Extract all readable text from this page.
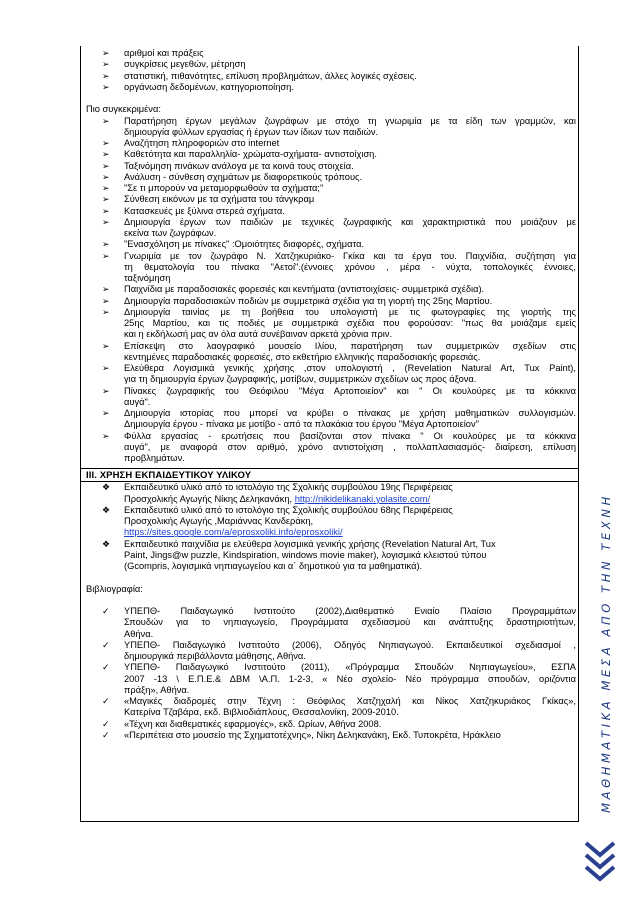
➢ αριθμοί και πράξεις
➢ συγκρίσεις μεγεθών, μέτρηση
➢ στατιστική, πιθανότητες, επίλυση προβλημάτων, άλλες λογικές σχέσεις.
➢ οργάνωση δεδομένων, κατηγοριοποίηση.
Πιο συγκεκριμένα:
➢ Παρατήρηση έργων μεγάλων ζωγράφων με στόχο τη γνωριμία με τα είδη των γραμμών, και
δημιουργία φύλλων εργασίας ή έργων των ίδιων των παιδιών.
➢ Αναζήτηση πληροφοριών στο internet
➢ Καθετότητα και παραλληλία- χρώματα-σχήματα- αντιστοίχιση.
➢ Ταξινόμηση πινάκων ανάλογα με τα κοινά τους στοιχεία.
➢ Ανάλυση - σύνθεση σχημάτων με διαφορετικούς τρόπους.
➢ "Σε τι μπορούν να μεταμορφωθούν τα σχήματα;"
➢ Σύνθεση εικόνων με τα σχήματα του τάνγκραμ
➢ Κατασκευές με ξύλινα στερεά σχήματα.
➢ Δημιουργία έργων των παιδιών με τεχνικές ζωγραφικής και χαρακτηριστικά που μοιάζουν με
εκείνα των ζωγράφων.
➢ "Ενασχόληση με πίνακες" :Ομοιότητες διαφορές, σχήματα.
➢ Γνωριμία με τον ζωγράφο Ν. Χατζηκυριάκο- Γκίκα και τα έργα του. Παιχνίδια, συζήτηση για
τη θεματολογία του πίνακα "Αετοί".(έννοιες χρόνου , μέρα - νύχτα, τοπολογικές έννοιες,
ταξινόμηση
➢ Παιχνίδια με παραδοσιακές φορεσιές και κεντήματα (αντιστοιχίσεις- συμμετρικά σχέδια).
➢ Δημιουργία παραδοσιακών ποδιών με συμμετρικά σχέδια για τη γιορτή της 25ης Μαρτίου.
➢ Δημιουργία ταινίας με τη βοήθεια του υπολογιστή με τις φωτογραφίες της γιορτής της
25ης Μαρτίου, και τις ποδιές με συμμετρικά σχέδια που φορούσαν: "πως θα μοιάζαμε εμείς
και η εκδήλωσή μας αν όλα αυτά συνέβαιναν αρκετά χρόνια πριν.
➢ Επίσκεψη στο λαογραφικό μουσείο Ιλίου, παρατήρηση των συμμετρικών σχεδίων στις
κεντημένες παραδοσιακές φορεσιές, στο εκθετήριο ελληνικής παραδοσιακής φορεσιάς.
➢ Ελεύθερα Λογισμικά γενικής χρήσης ,στον υπολογιστή , (Revelation Natural Art, Tux Paint),
για τη δημιουργία έργων ζωγραφικής, μοτίβων, συμμετρικών σχεδίων ως προς άξονα.
➢ Πίνακες ζωγραφικής του Θεόφιλου "Μέγα Αρτοποιείον" και " Οι κουλούρες με τα κόκκινα
αυγά".
➢ Δημιουργία ιστορίας που μπορεί να κρύβει ο πίνακας με χρήση μαθηματικών συλλογισμών.
Δημιουργία έργου - πίνακα με μοτίβο - από τα πλακάκια του έργου "Μέγα Αρτοποιείον"
➢ Φύλλα εργασίας - ερωτήσεις που βασίζονται στον πίνακα " Οι κουλούρες με τα κόκκινα
αυγά", με αναφορά στον αριθμό, χρόνο αντιστοίχιση , πολλαπλασιασμός- διαίρεση, επίλυση
προβλημάτων.
ΙΙΙ. ΧΡΗΣΗ ΕΚΠΑΙΔΕΥΤΙΚΟΥ ΥΛΙΚΟΥ
❖ Εκπαιδευτικό υλικό από το ιστολόγιο της Σχολικής συμβούλου 19ης Περιφέρειας
Προσχολικής Αγωγής Νίκης Δεληκανάκη, http://nikidelikanaki.yolasite.com/
❖ Εκπαιδευτικό υλικό από το ιστολόγιο της Σχολικής συμβούλου 68ης Περιφέρειας
Προσχολικής Αγωγής ,Μαριάννας Κανδεράκη,
https://sites.google.com/a/eprosxoliki.info/eprosxoliki/
❖ Εκπαιδευτικό παιχνίδια με ελεύθερα λογισμικά γενικής χρήσης (Revelation Natural Art, Tux
Paint, Jings@w puzzle, Kindspiration, windows movie maker), λογισμικά κλειστού τύπου
(Gcompris, λογισμικά νηπιαγωγείου και α΄ δημοτικού για τα μαθηματικά).
Βιβλιογραφία:
✓ ΥΠΕΠΘ- Παιδαγωγικό Ινστιτούτο (2002),Διαθεματικό Ενιαίο Πλαίσιο Προγραμμάτων
Σπουδών για το νηπιαγωγείο, Προγράμματα σχεδιασμού και ανάπτυξης δραστηριοτήτων,
Αθήνα.
✓ ΥΠΕΠΘ- Παιδαγωγικό Ινστιτούτο (2006), Οδηγός Νηπιαγωγού. Εκπαιδευτικοί σχεδιασμοί ,
δημιουργικά περιβάλλοντα μάθησης, Αθήνα.
✓ ΥΠΕΠΘ- Παιδαγωγικό Ινστιτούτο (2011), «Πρόγραμμα Σπουδών Νηπιαγωγείου», ΕΣΠΑ
2007 -13 \ Ε.Π.Ε.& ΔΒΜ \Α.Π. 1-2-3, « Νέο σχολείο- Νέο πρόγραμμα σπουδών, οριζόντια
πράξη», Αθήνα.
✓ «Μαγικές διαδρομές στην Τέχνη : Θεόφιλος Χατζηχαλή και Νίκος Χατζηκυριάκος Γκίκας»,
Κατερίνα Τζαβάρα, εκδ. Βιβλιοδιάπλους, Θεσσαλονίκη, 2009-2010.
✓ «Τέχνη και διαθεματικές εφαρμογές», εκδ. Ωρίων, Αθήνα 2008.
✓ «Περιπέτεια στο μουσείο της Σχηματοτέχνης», Νίκη Δεληκανάκη, Εκδ. Τυποκρέτα, Ηράκλειο	ΜΑΘΗΜΑΤΙΚΑ ΜΕΣΑ ΑΠΟ ΤΗΝ ΤΕΧΝΗ
